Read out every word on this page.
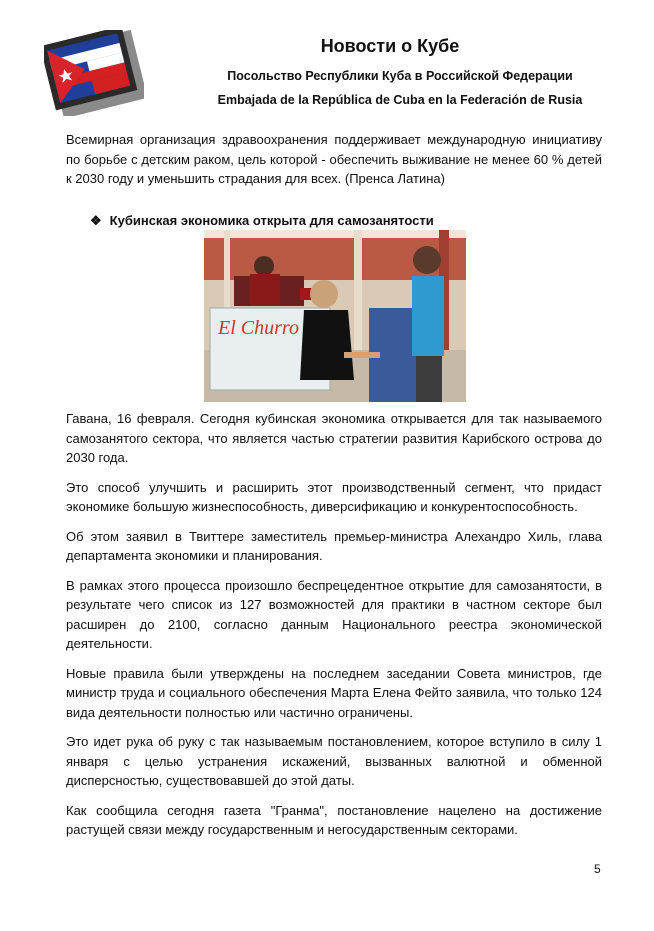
Новости о Кубе
Посольство Республики Куба в Российской Федерации
Embajada de la República de Cuba en la Federación de Rusia
Всемирная организация здравоохранения поддерживает международную инициативу по борьбе с детским раком, цель которой - обеспечить выживание не менее 60 % детей к 2030 году и уменьшить страдания для всех. (Пренса Латина)
❖ Кубинская экономика открыта для самозанятости
El Churro

Гавана, 16 февраля. Сегодня кубинская экономика открывается для так называемого самозанятого сектора, что является частью стратегии развития Карибского острова до 2030 года.

Это способ улучшить и расширить этот производственный сегмент, что придаст экономике большую жизнеспособность, диверсификацию и конкурентоспособность.

Об этом заявил в Твиттере заместитель премьер-министра Алехандро Хиль, глава департамента экономики и планирования.

В рамках этого процесса произошло беспрецедентное открытие для самозанятости, в результате чего список из 127 возможностей для практики в частном секторе был расширен до 2100, согласно данным Национального реестра экономической деятельности.

Новые правила были утверждены на последнем заседании Совета министров, где министр труда и социального обеспечения Марта Елена Фейто заявила, что только 124 вида деятельности полностью или частично ограничены.

Это идет рука об руку с так называемым постановлением, которое вступило в силу 1 января с целью устранения искажений, вызванных валютной и обменной дисперсностью, существовавшей до этой даты.

Как сообщила сегодня газета "Гранма", постановление нацелено на достижение растущей связи между государственным и негосударственным секторами.

5
